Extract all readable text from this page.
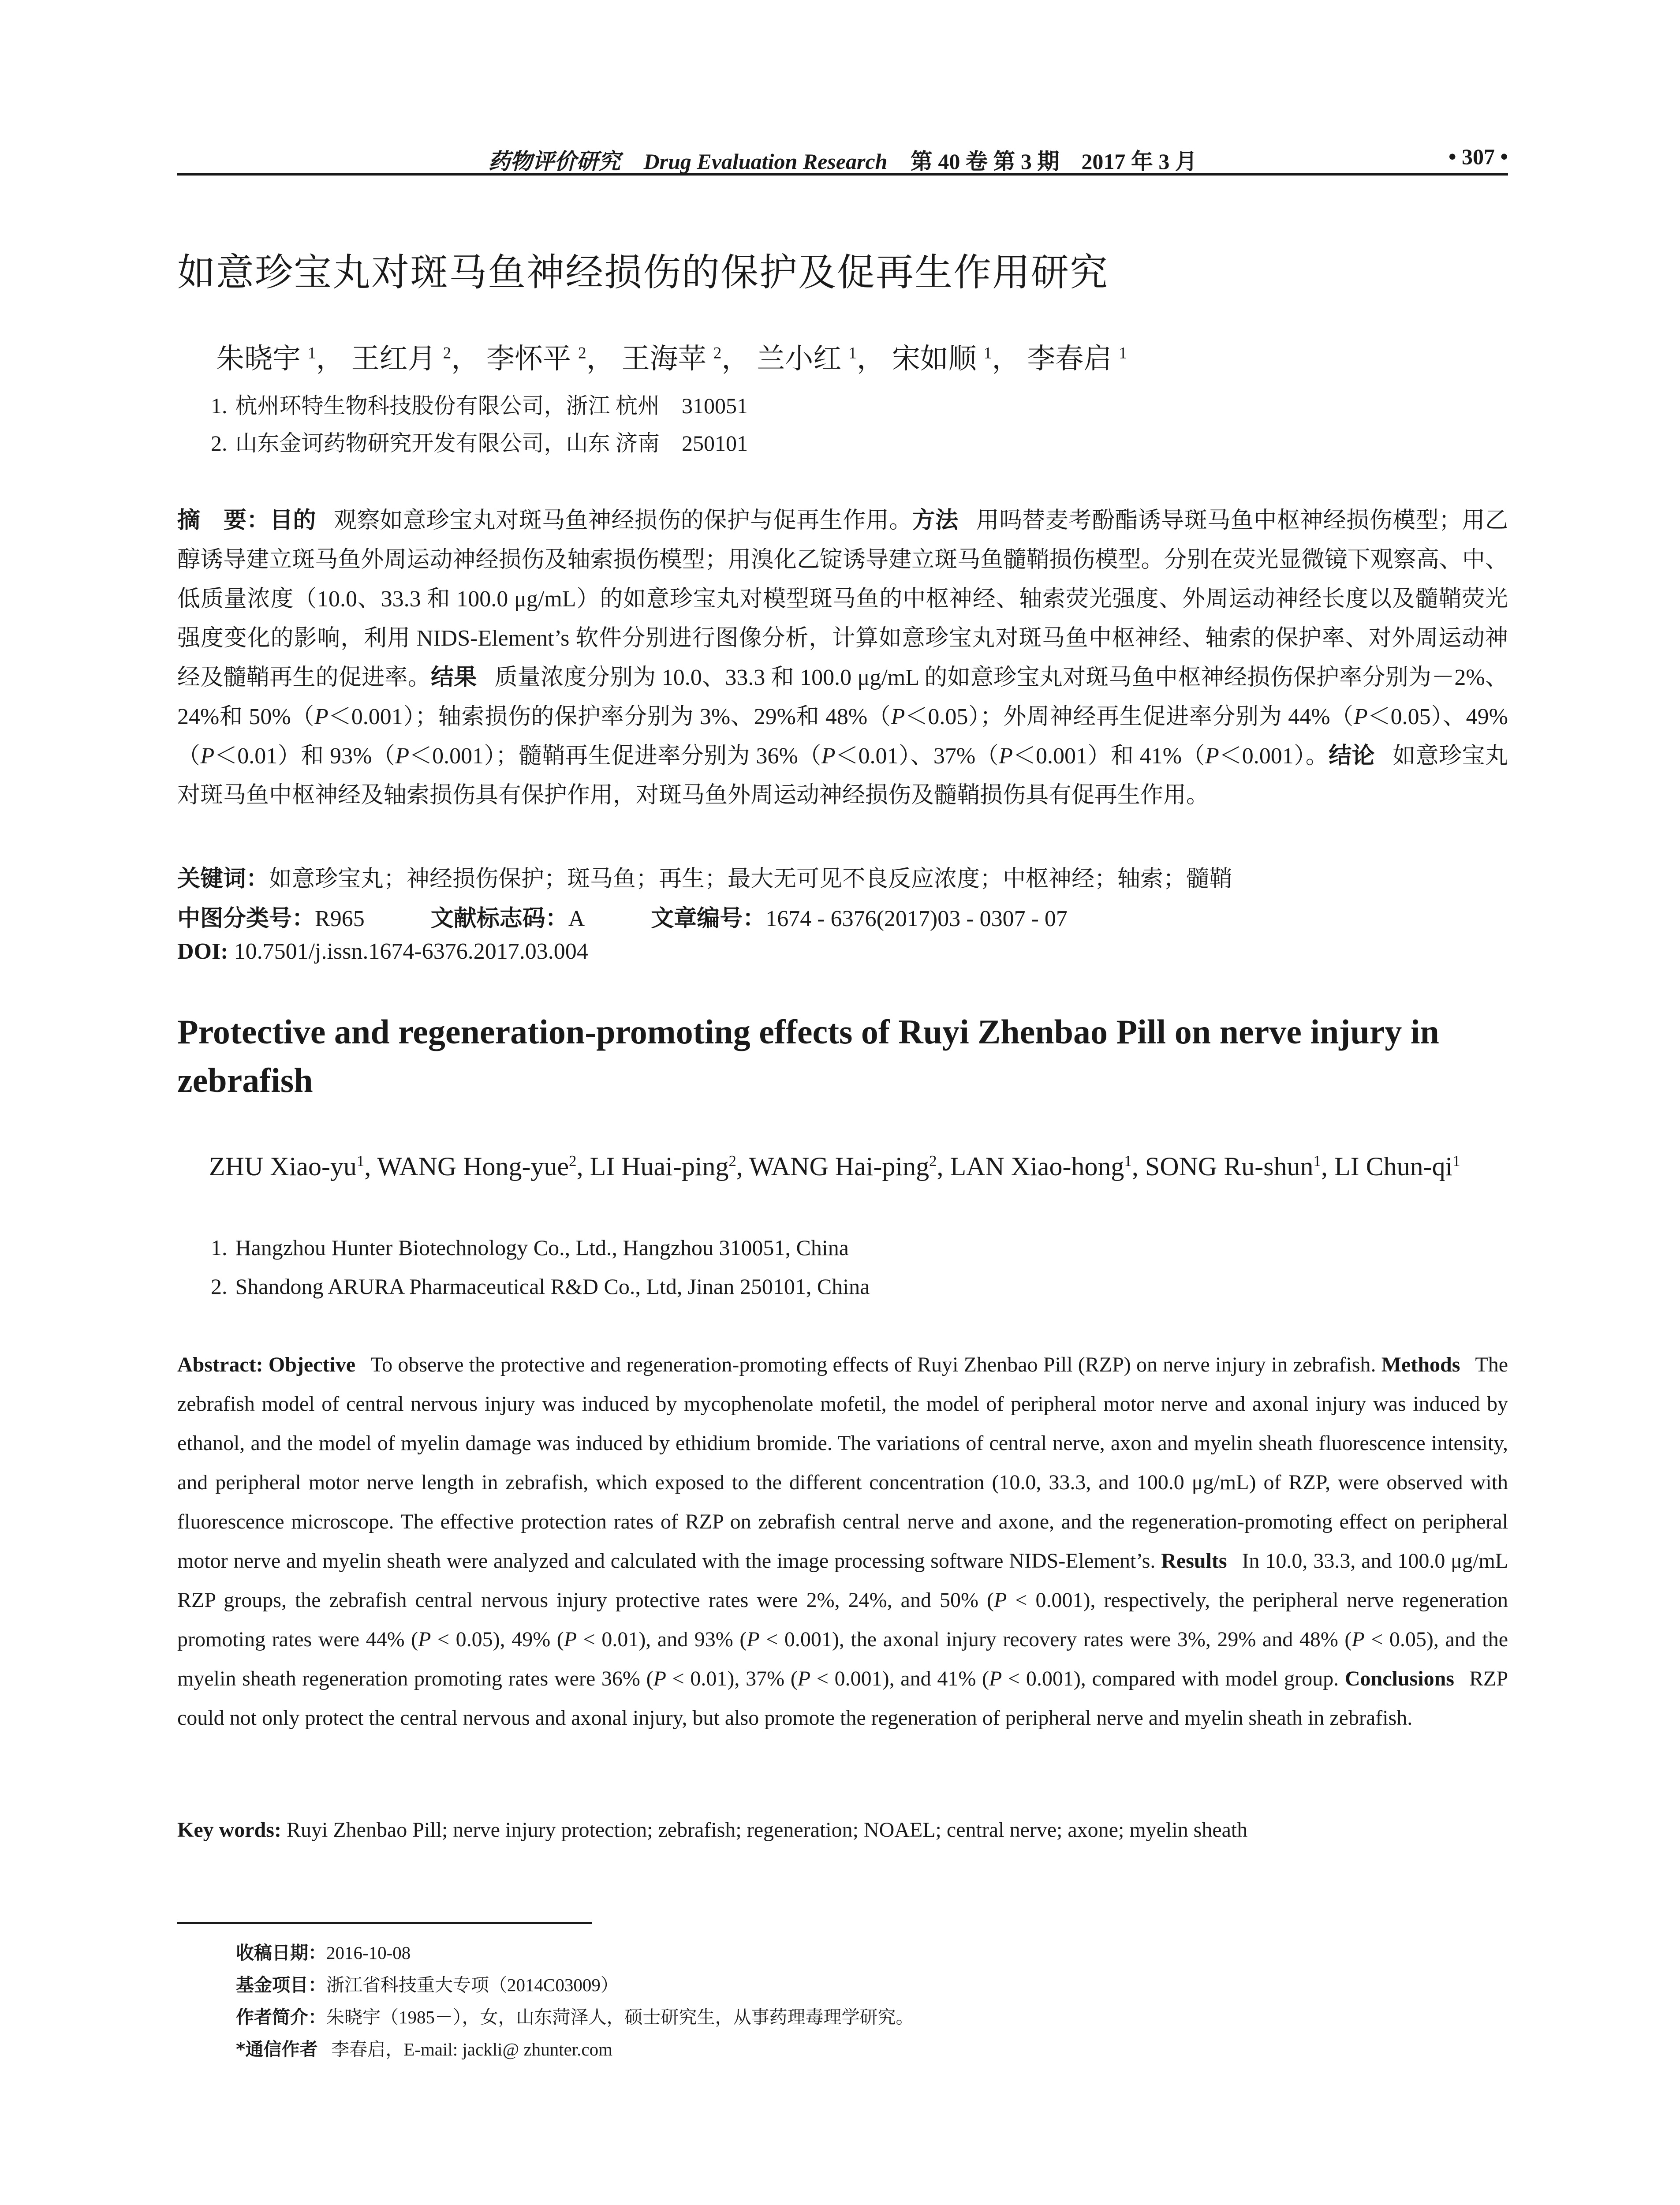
药物评价研究 Drug Evaluation Research 第 40 卷 第 3 期　2017 年 3 月	• 307 •
如意珍宝丸对斑马鱼神经损伤的保护及促再生作用研究
朱晓宇 $^1$， 王红月 $^2$， 李怀平 $^2$， 王海苹 $^2$， 兰小红 $^1$， 宋如顺 $^1$， 李春启 $^1$
1. 杭州环特生物科技股份有限公司，浙江 杭州　310051
2. 山东金诃药物研究开发有限公司，山东 济南　250101

摘　要：目的 观察如意珍宝丸对斑马鱼神经损伤的保护与促再生作用。方法 用吗替麦考酚酯诱导斑马鱼中枢神经损伤模型；用乙醇诱导建立斑马鱼外周运动神经损伤及轴索损伤模型；用溴化乙锭诱导建立斑马鱼髓鞘损伤模型。分别在荧光显微镜下观察高、中、低质量浓度（10.0、33.3 和 100.0 μg/mL）的如意珍宝丸对模型斑马鱼的中枢神经、轴索荧光强度、外周运动神经长度以及髓鞘荧光强度变化的影响，利用 NIDS-Element’s 软件分别进行图像分析，计算如意珍宝丸对斑马鱼中枢神经、轴索的保护率、对外周运动神经及髓鞘再生的促进率。结果 质量浓度分别为 10.0、33.3 和 100.0 μg/mL 的如意珍宝丸对斑马鱼中枢神经损伤保护率分别为－2%、24%和 50%（P＜0.001）；轴索损伤的保护率分别为 3%、29%和 48%（P＜0.05）；外周神经再生促进率分别为 44%（P＜0.05）、49%（P＜0.01）和 93%（P＜0.001）；髓鞘再生促进率分别为 36%（P＜0.01）、37%（P＜0.001）和 41%（P＜0.001）。结论 如意珍宝丸对斑马鱼中枢神经及轴索损伤具有保护作用，对斑马鱼外周运动神经损伤及髓鞘损伤具有促再生作用。

关键词：如意珍宝丸；神经损伤保护；斑马鱼；再生；最大无可见不良反应浓度；中枢神经；轴索；髓鞘
中图分类号：R965	文献标志码：A	文章编号：1674 - 6376(2017)03 - 0307 - 07
DOI: 10.7501/j.issn.1674-6376.2017.03.004
Protective and regeneration-promoting effects of Ruyi Zhenbao Pill on nerve injury in zebrafish
ZHU Xiao-$yu^1$, WANG Hong-yue$^2$, LI Huai-ping$^2$, WANG Hai-ping$^2$, LAN Xiao-hong$^1$, SONG Ru-shun$^1$, LI Chun-$qi^1$
1. Hangzhou Hunter Biotechnology Co., Ltd., Hangzhou 310051, China
2. Shandong ARURA Pharmaceutical R&D Co., Ltd, Jinan 250101, China

Abstract: Objective To observe the protective and regeneration-promoting effects of Ruyi Zhenbao Pill (RZP) on nerve injury in zebrafish. Methods The zebrafish model of central nervous injury was induced by mycophenolate mofetil, the model of peripheral motor nerve and axonal injury was induced by ethanol, and the model of myelin damage was induced by ethidium bromide. The variations of central nerve, axon and myelin sheath fluorescence intensity, and peripheral motor nerve length in zebrafish, which exposed to the different concentration (10.0, 33.3, and 100.0 μg/mL) of RZP, were observed with fluorescence microscope. The effective protection rates of RZP on zebrafish central nerve and axone, and the regeneration-promoting effect on peripheral motor nerve and myelin sheath were analyzed and calculated with the image processing software NIDS-Element’s. Results In 10.0, 33.3, and 100.0 μg/mL RZP groups, the zebrafish central nervous injury protective rates were 2%, 24%, and 50% (P < 0.001), respectively, the peripheral nerve regeneration promoting rates were 44% (P < 0.05), 49% (P < 0.01), and 93% (P < 0.001), the axonal injury recovery rates were 3%, 29% and 48% (P < 0.05), and the myelin sheath regeneration promoting rates were 36% (P < 0.01), 37% (P < 0.001), and 41% (P < 0.001), compared with model group. Conclusions RZP could not only protect the central nervous and axonal injury, but also promote the regeneration of peripheral nerve and myelin sheath in zebrafish.

Key words: Ruyi Zhenbao Pill; nerve injury protection; zebrafish; regeneration; NOAEL; central nerve; axone; myelin sheath
收稿日期：2016-10-08
基金项目：浙江省科技重大专项（2014C03009）
作者简介：朱晓宇（1985－），女，山东菏泽人，硕士研究生，从事药理毒理学研究。
*通信作者 李春启，E-mail: jackli@ zhunter.com
